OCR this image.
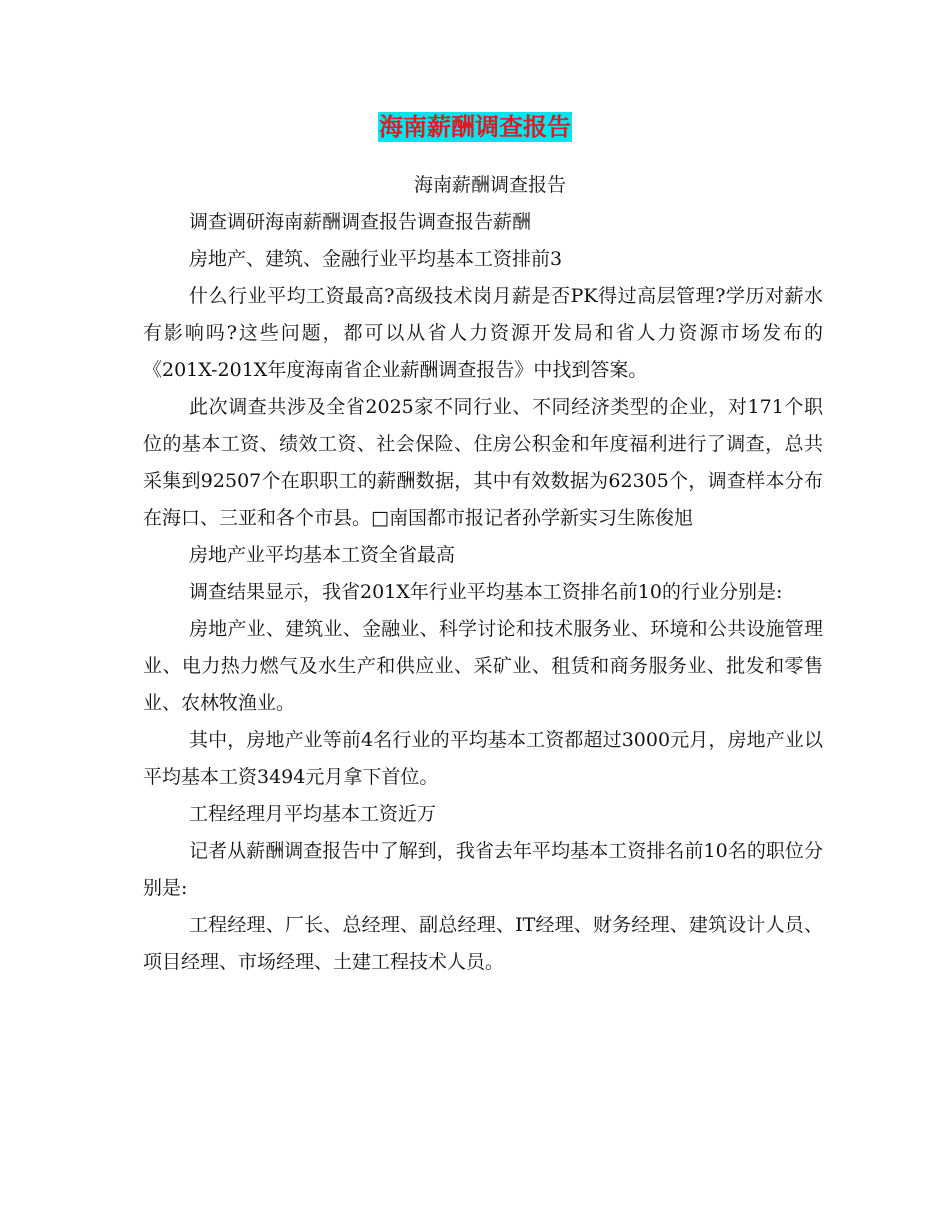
海南薪酬调查报告

海南薪酬调查报告

调查调研海南薪酬调查报告调查报告薪酬

房地产、建筑、金融行业平均基本工资排前3

什么行业平均工资最高?高级技术岗月薪是否PK得过高层管理?学历对薪水有影响吗?这些问题，都可以从省人力资源开发局和省人力资源市场发布的《201X-201X年度海南省企业薪酬调查报告》中找到答案。

此次调查共涉及全省2025家不同行业、不同经济类型的企业，对171个职位的基本工资、绩效工资、社会保险、住房公积金和年度福利进行了调查，总共采集到92507个在职职工的薪酬数据，其中有效数据为62305个，调查样本分布在海口、三亚和各个市县。□南国都市报记者孙学新实习生陈俊旭

房地产业平均基本工资全省最高

调查结果显示，我省201X年行业平均基本工资排名前10的行业分别是:

房地产业、建筑业、金融业、科学讨论和技术服务业、环境和公共设施管理业、电力热力燃气及水生产和供应业、采矿业、租赁和商务服务业、批发和零售业、农林牧渔业。

其中，房地产业等前4名行业的平均基本工资都超过3000元月，房地产业以平均基本工资3494元月拿下首位。

工程经理月平均基本工资近万

记者从薪酬调查报告中了解到，我省去年平均基本工资排名前10名的职位分别是:

工程经理、厂长、总经理、副总经理、IT经理、财务经理、建筑设计人员、项目经理、市场经理、土建工程技术人员。
